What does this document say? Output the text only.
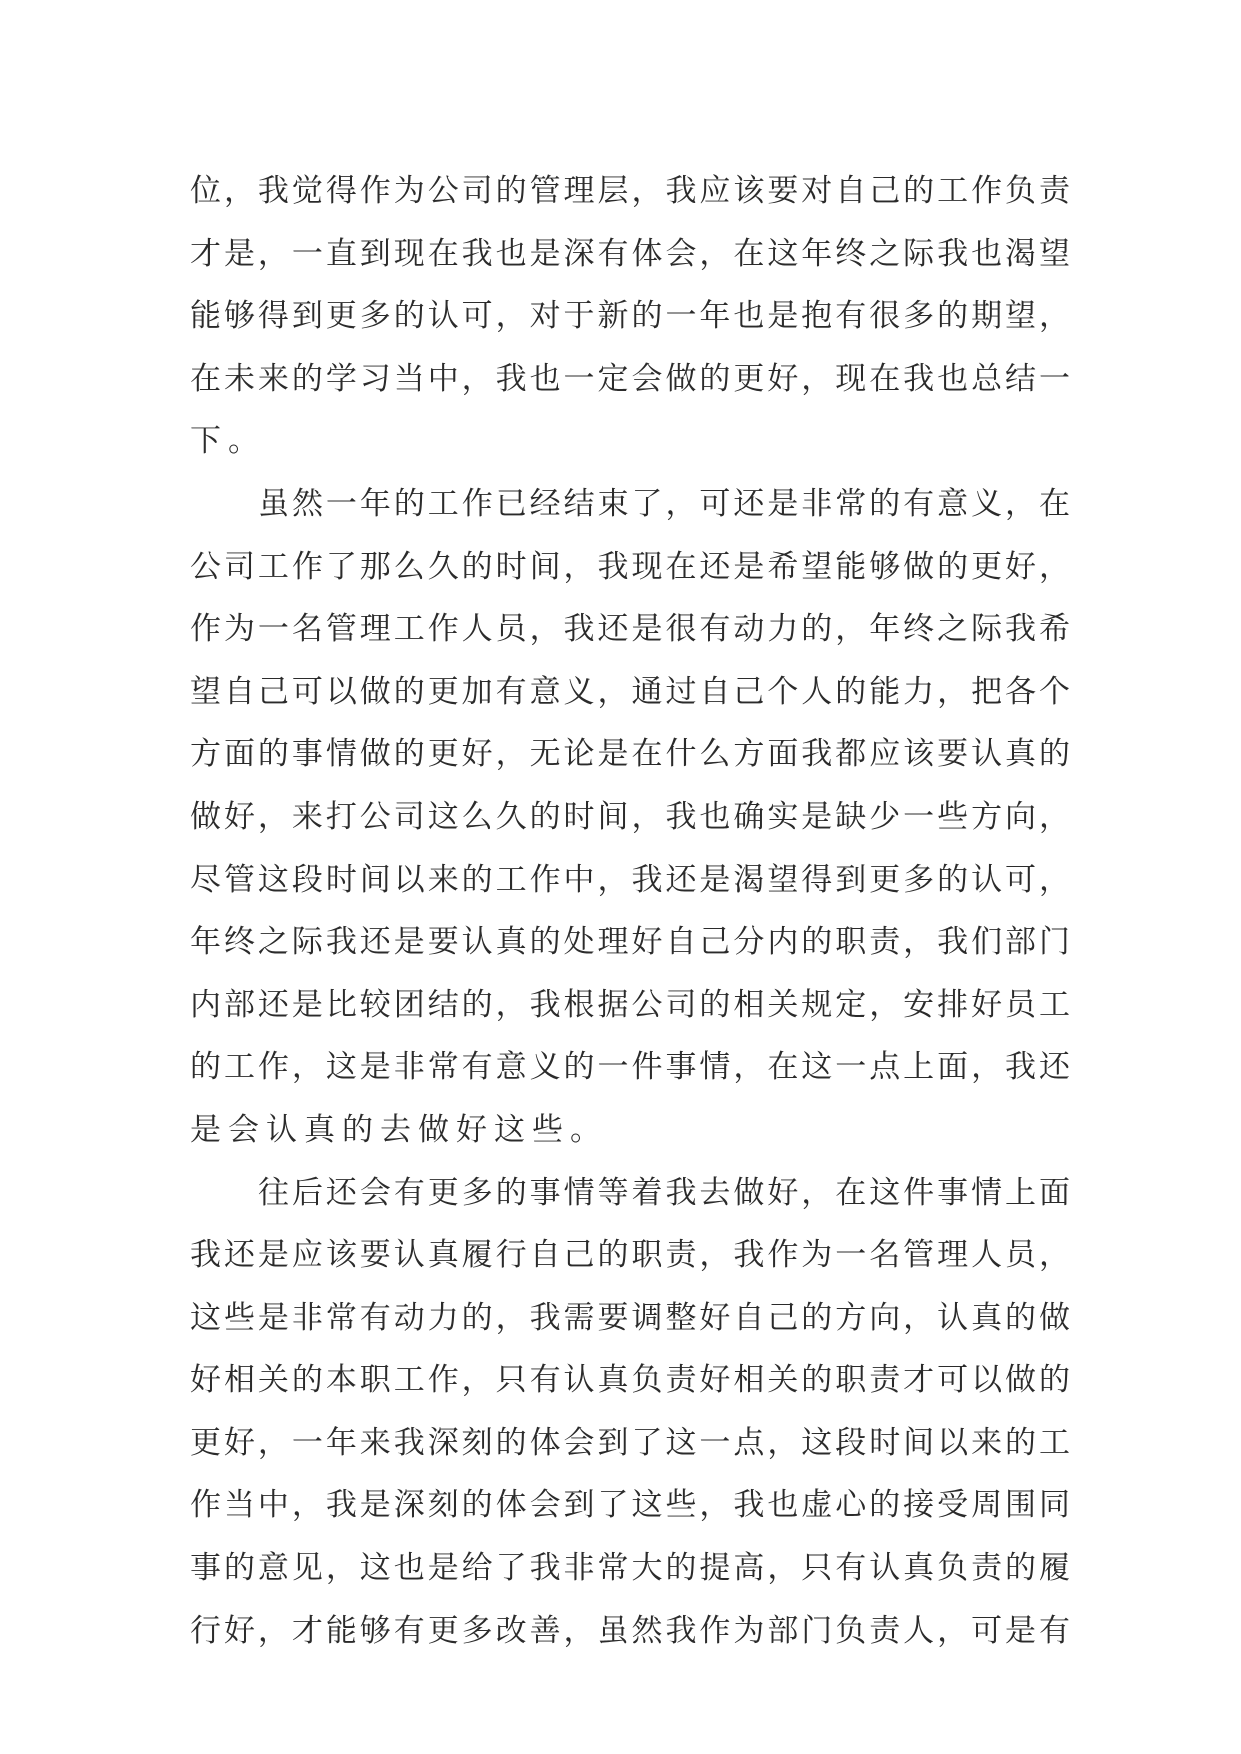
位，我觉得作为公司的管理层，我应该要对自己的工作负责
才是，一直到现在我也是深有体会，在这年终之际我也渴望
能够得到更多的认可，对于新的一年也是抱有很多的期望，
在未来的学习当中，我也一定会做的更好，现在我也总结一
下。
虽然一年的工作已经结束了，可还是非常的有意义，在
公司工作了那么久的时间，我现在还是希望能够做的更好，
作为一名管理工作人员，我还是很有动力的，年终之际我希
望自己可以做的更加有意义，通过自己个人的能力，把各个
方面的事情做的更好，无论是在什么方面我都应该要认真的
做好，来打公司这么久的时间，我也确实是缺少一些方向，
尽管这段时间以来的工作中，我还是渴望得到更多的认可，
年终之际我还是要认真的处理好自己分内的职责，我们部门
内部还是比较团结的，我根据公司的相关规定，安排好员工
的工作，这是非常有意义的一件事情，在这一点上面，我还
是会认真的去做好这些。
往后还会有更多的事情等着我去做好，在这件事情上面
我还是应该要认真履行自己的职责，我作为一名管理人员，
这些是非常有动力的，我需要调整好自己的方向，认真的做
好相关的本职工作，只有认真负责好相关的职责才可以做的
更好，一年来我深刻的体会到了这一点，这段时间以来的工
作当中，我是深刻的体会到了这些，我也虚心的接受周围同
事的意见，这也是给了我非常大的提高，只有认真负责的履
行好，才能够有更多改善，虽然我作为部门负责人，可是有
